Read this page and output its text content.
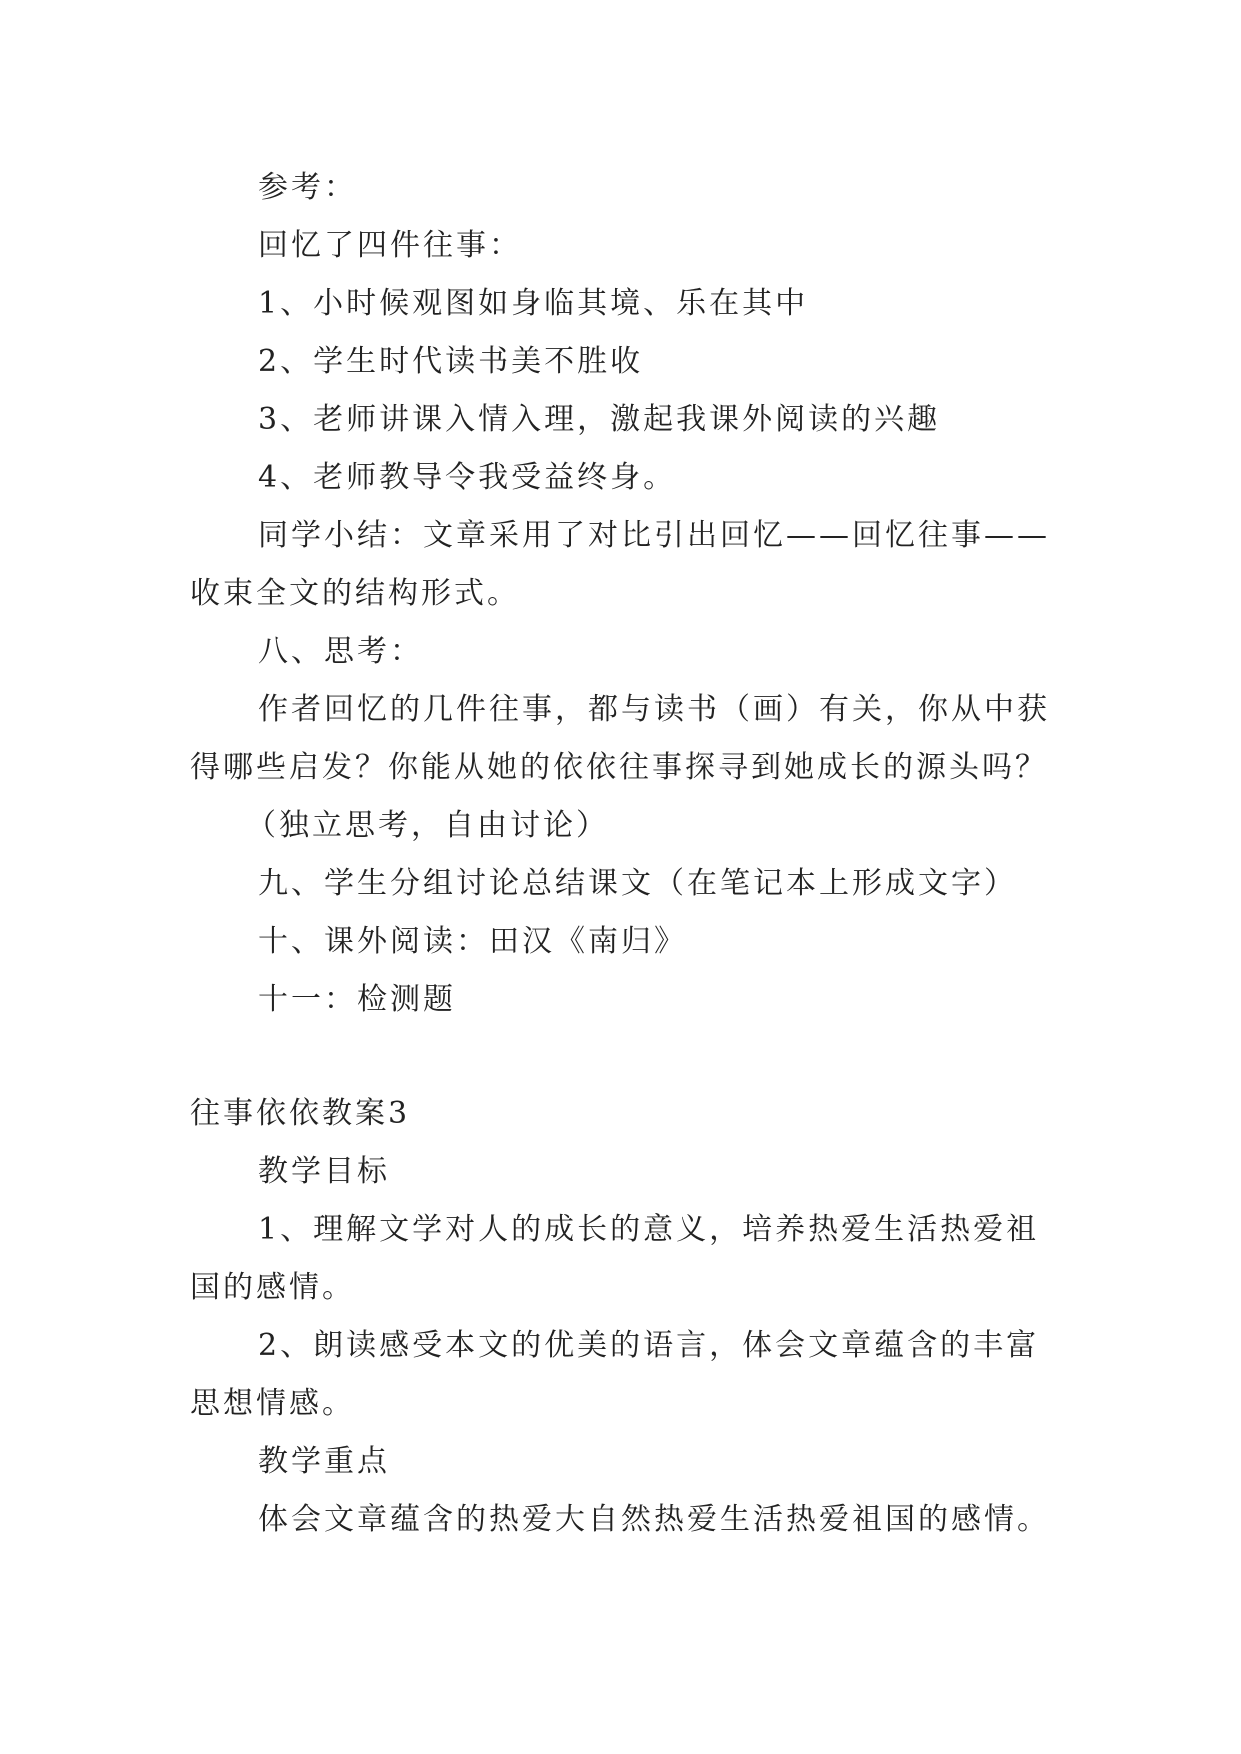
参考：
回忆了四件往事：
1、小时候观图如身临其境、乐在其中
2、学生时代读书美不胜收
3、老师讲课入情入理，激起我课外阅读的兴趣
4、老师教导令我受益终身。
同学小结：文章采用了对比引出回忆——回忆往事——
收束全文的结构形式。
八、思考：
作者回忆的几件往事，都与读书（画）有关，你从中获
得哪些启发？你能从她的依依往事探寻到她成长的源头吗？
（独立思考，自由讨论）
九、学生分组讨论总结课文（在笔记本上形成文字）
十、课外阅读：田汉《南归》
十一：检测题
往事依依教案3
教学目标
1、理解文学对人的成长的意义，培养热爱生活热爱祖
国的感情。
2、朗读感受本文的优美的语言，体会文章蕴含的丰富
思想情感。
教学重点
体会文章蕴含的热爱大自然热爱生活热爱祖国的感情。
